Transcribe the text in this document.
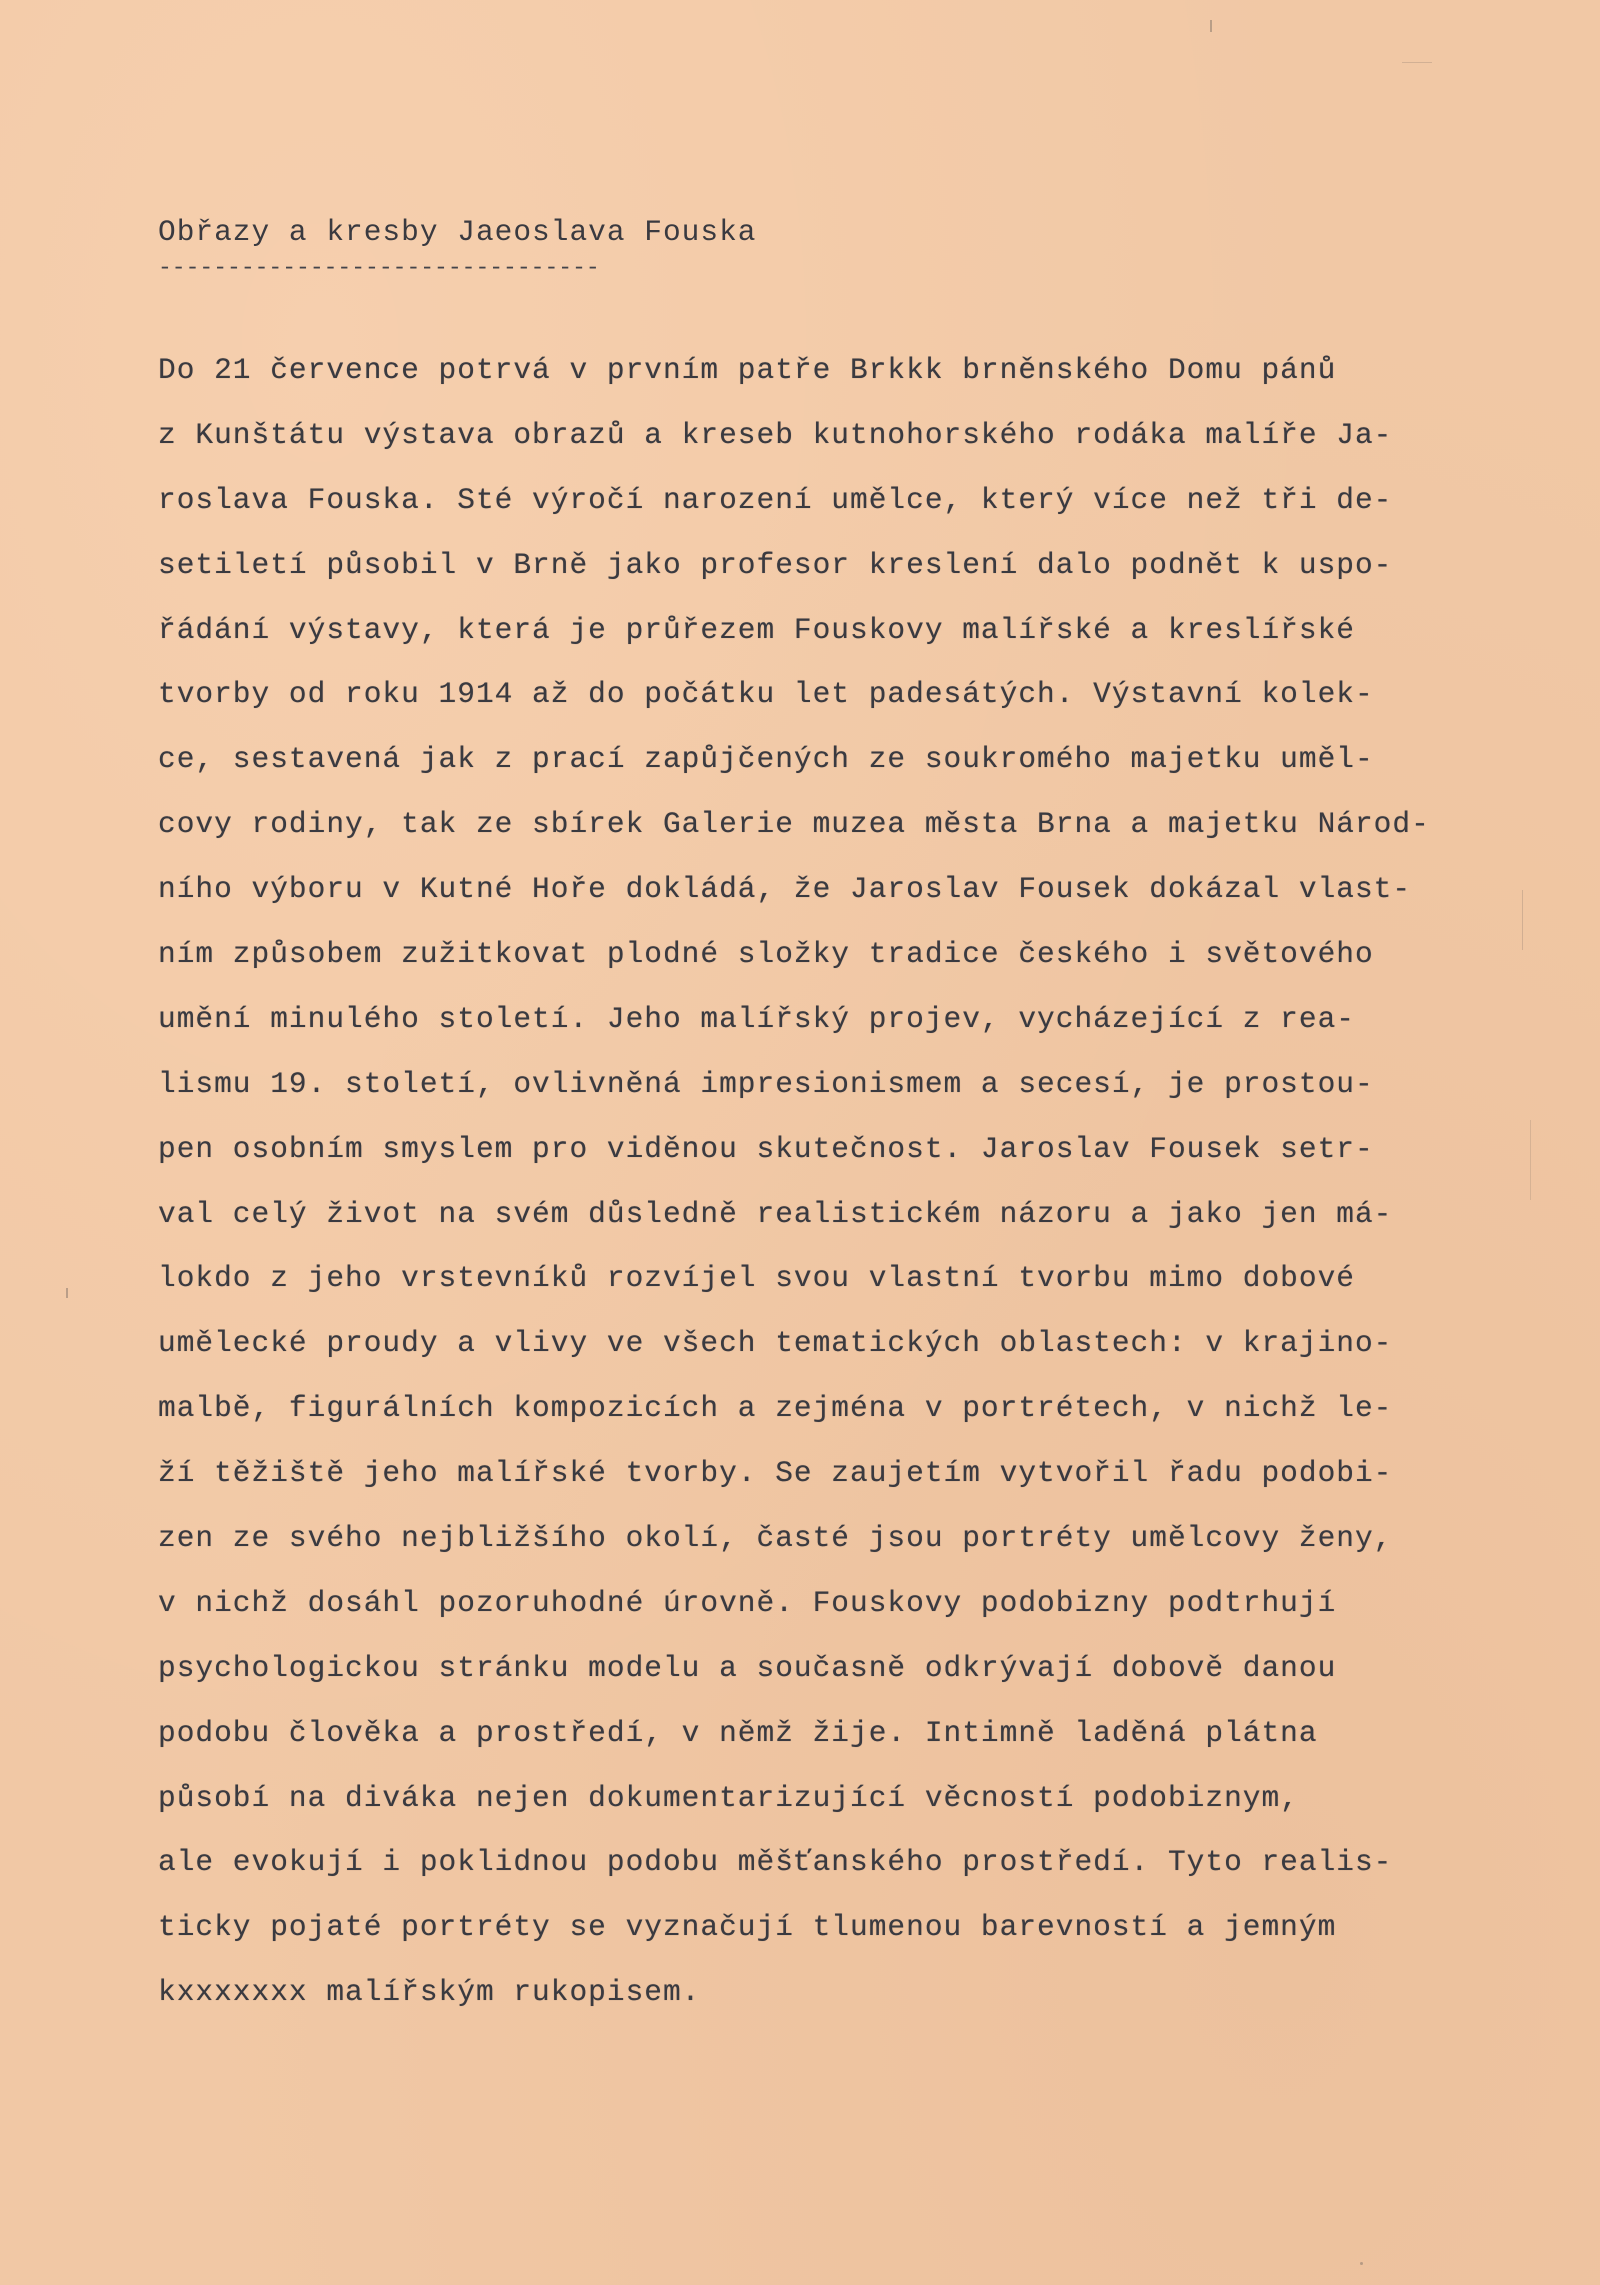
Obřazy a kresby Jaeoslava Fouska
--------------------------------
Do 21 července potrvá v prvním patře Brkkk brněnského Domu pánů
z Kunštátu výstava obrazů a kreseb kutnohorského rodáka malíře Ja-
roslava Fouska. Sté výročí narození umělce, který více než tři de-
setiletí působil v Brně jako profesor kreslení dalo podnět k uspo-
řádání výstavy, která je průřezem Fouskovy malířské a kreslířské
tvorby od roku 1914 až do počátku let padesátých. Výstavní kolek-
ce, sestavená jak z prací zapůjčených ze soukromého majetku uměl-
covy rodiny, tak ze sbírek Galerie muzea města Brna a majetku Národ-
ního výboru v Kutné Hoře dokládá, že Jaroslav Fousek dokázal vlast-
ním způsobem zužitkovat plodné složky tradice českého i světového
umění minulého století. Jeho malířský projev, vycházející z rea-
lismu 19. století, ovlivněná impresionismem a secesí, je prostou-
pen osobním smyslem pro viděnou skutečnost. Jaroslav Fousek setr-
val celý život na svém důsledně realistickém názoru a jako jen má-
lokdo z jeho vrstevníků rozvíjel svou vlastní tvorbu mimo dobové
umělecké proudy a vlivy ve všech tematických oblastech: v krajino-
malbě, figurálních kompozicích a zejména v portrétech, v nichž le-
ží těžiště jeho malířské tvorby. Se zaujetím vytvořil řadu podobi-
zen ze svého nejbližšího okolí, časté jsou portréty umělcovy ženy,
v nichž dosáhl pozoruhodné úrovně. Fouskovy podobizny podtrhují
psychologickou stránku modelu a současně odkrývají dobově danou
podobu člověka a prostředí, v němž žije. Intimně laděná plátna
působí na diváka nejen dokumentarizující věcností podobiznym,
ale evokují i poklidnou podobu měšťanského prostředí. Tyto realis-
ticky pojaté portréty se vyznačují tlumenou barevností a jemným
kxxxxxxx malířským rukopisem.
